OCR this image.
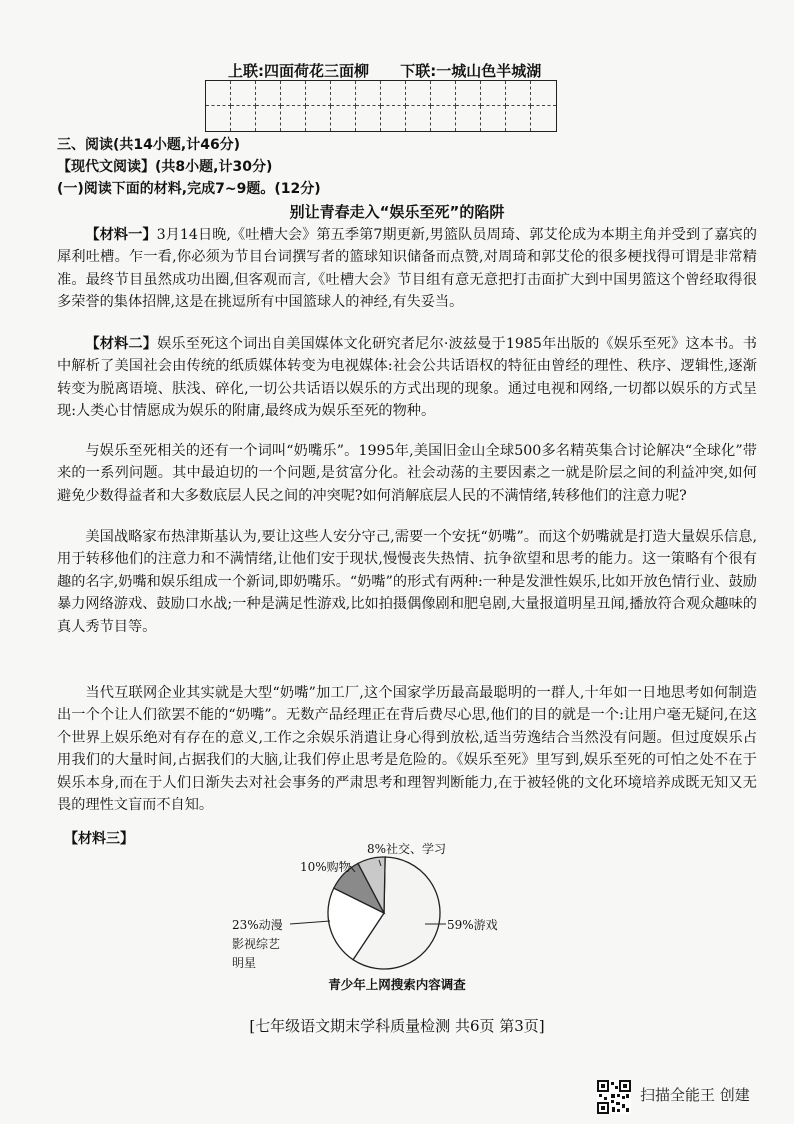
上联:四面荷花三面柳 下联:一城山色半城湖
三、阅读(共14小题,计46分)
【现代文阅读】(共8小题,计30分)
(一)阅读下面的材料,完成7~9题。(12分)
别让青春走入“娱乐至死”的陷阱
【材料一】3月14日晚,《吐槽大会》第五季第7期更新,男篮队员周琦、郭艾伦成为本期主角并受到了嘉宾的犀利吐槽。乍一看,你必须为节目台词撰写者的篮球知识储备而点赞,对周琦和郭艾伦的很多梗找得可谓是非常精准。最终节目虽然成功出圈,但客观而言,《吐槽大会》节目组有意无意把打击面扩大到中国男篮这个曾经取得很多荣誉的集体招牌,这是在挑逗所有中国篮球人的神经,有失妥当。
【材料二】娱乐至死这个词出自美国媒体文化研究者尼尔·波兹曼于1985年出版的《娱乐至死》这本书。书中解析了美国社会由传统的纸质媒体转变为电视媒体:社会公共话语权的特征由曾经的理性、秩序、逻辑性,逐渐转变为脱离语境、肤浅、碎化,一切公共话语以娱乐的方式出现的现象。通过电视和网络,一切都以娱乐的方式呈现:人类心甘情愿成为娱乐的附庸,最终成为娱乐至死的物种。
与娱乐至死相关的还有一个词叫“奶嘴乐”。1995年,美国旧金山全球500多名精英集合讨论解决“全球化”带来的一系列问题。其中最迫切的一个问题,是贫富分化。社会动荡的主要因素之一就是阶层之间的利益冲突,如何避免少数得益者和大多数底层人民之间的冲突呢?如何消解底层人民的不满情绪,转移他们的注意力呢?
美国战略家布热津斯基认为,要让这些人安分守己,需要一个安抚“奶嘴”。而这个奶嘴就是打造大量娱乐信息,用于转移他们的注意力和不满情绪,让他们安于现状,慢慢丧失热情、抗争欲望和思考的能力。这一策略有个很有趣的名字,奶嘴和娱乐组成一个新词,即奶嘴乐。“奶嘴”的形式有两种:一种是发泄性娱乐,比如开放色情行业、鼓励暴力网络游戏、鼓励口水战;一种是满足性游戏,比如拍摄偶像剧和肥皂剧,大量报道明星丑闻,播放符合观众趣味的真人秀节目等。
当代互联网企业其实就是大型“奶嘴”加工厂,这个国家学历最高最聪明的一群人,十年如一日地思考如何制造出一个个让人们欲罢不能的“奶嘴”。无数产品经理正在背后费尽心思,他们的目的就是一个:让用户毫无疑问,在这个世界上娱乐绝对有存在的意义,工作之余娱乐消遣让身心得到放松,适当劳逸结合当然没有问题。但过度娱乐占用我们的大量时间,占据我们的大脑,让我们停止思考是危险的。《娱乐至死》里写到,娱乐至死的可怕之处不在于娱乐本身,而在于人们日渐失去对社会事务的严肃思考和理智判断能力,在于被轻佻的文化环境培养成既无知又无畏的理性文盲而不自知。
【材料三】
8%社交、学习
10%购物
59%游戏
23%动漫
影视综艺
明星
青少年上网搜索内容调查
[七年级语文期末学科质量检测 共6页 第3页]
扫描全能王 创建
